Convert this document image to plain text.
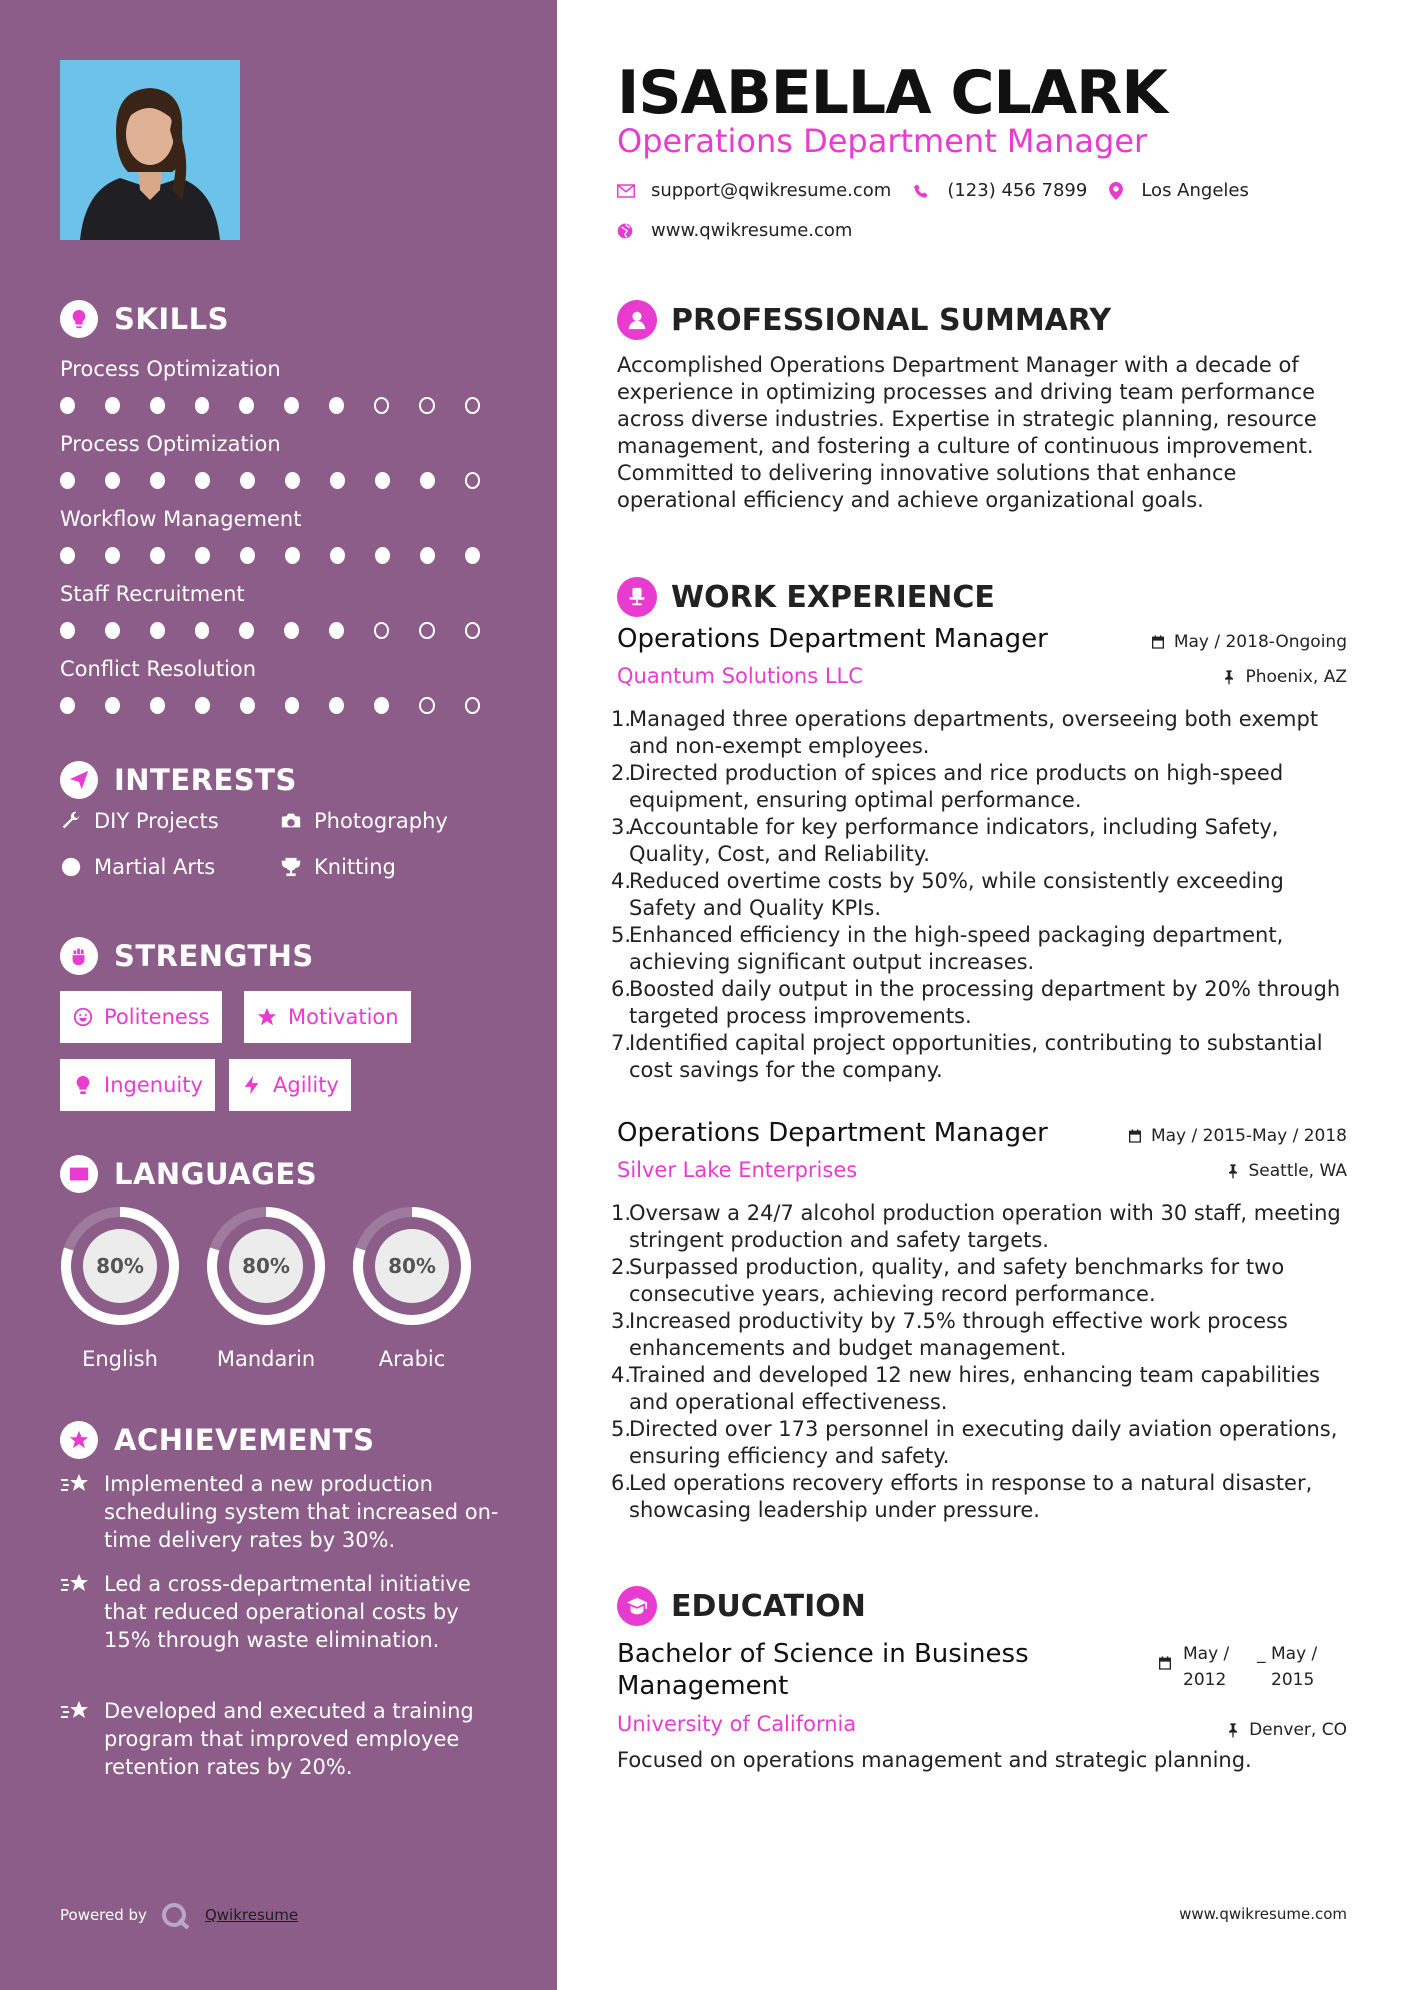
SKILLS
Process Optimization
Process Optimization
Workflow Management
Staff Recruitment
Conflict Resolution
INTERESTS
DIY Projects	Photography
Martial Arts	Knitting
STRENGTHS
Politeness	Motivation
Ingenuity	Agility
LANGUAGES
80%
English
80%
Mandarin
80%
Arabic
ACHIEVEMENTS
Implemented a new production scheduling system that increased on-time delivery rates by 30%.
Led a cross-departmental initiative that reduced operational costs by 15% through waste elimination.
Developed and executed a training program that improved employee retention rates by 20%.
Powered by	Qwikresume
ISABELLA CLARK
Operations Department Manager
support@qwikresume.com	(123) 456 7899	Los Angeles
www.qwikresume.com
PROFESSIONAL SUMMARY
Accomplished Operations Department Manager with a decade of experience in optimizing processes and driving team performance across diverse industries. Expertise in strategic planning, resource management, and fostering a culture of continuous improvement. Committed to delivering innovative solutions that enhance operational efficiency and achieve organizational goals.
WORK EXPERIENCE
Operations Department Manager
Quantum Solutions LLC
May / 2018-Ongoing
Phoenix, AZ
1.
Managed three operations departments, overseeing both exempt and non-exempt employees.
2.
Directed production of spices and rice products on high-speed equipment, ensuring optimal performance.
3.
Accountable for key performance indicators, including Safety, Quality, Cost, and Reliability.
4.
Reduced overtime costs by 50%, while consistently exceeding Safety and Quality KPIs.
5.
Enhanced efficiency in the high-speed packaging department, achieving significant output increases.
6.
Boosted daily output in the processing department by 20% through targeted process improvements.
7.
Identified capital project opportunities, contributing to substantial cost savings for the company.
Operations Department Manager
Silver Lake Enterprises
May / 2015-May / 2018
Seattle, WA
1.
Oversaw a 24/7 alcohol production operation with 30 staff, meeting stringent production and safety targets.
2.
Surpassed production, quality, and safety benchmarks for two consecutive years, achieving record performance.
3.
Increased productivity by 7.5% through effective work process enhancements and budget management.
4.
Trained and developed 12 new hires, enhancing team capabilities and operational effectiveness.
5.
Directed over 173 personnel in executing daily aviation operations, ensuring efficiency and safety.
6.
Led operations recovery efforts in response to a natural disaster, showcasing leadership under pressure.
EDUCATION
Bachelor of Science in Business Management
University of California
May / 2012
_ May / 2015
Denver, CO
Focused on operations management and strategic planning.
www.qwikresume.com
